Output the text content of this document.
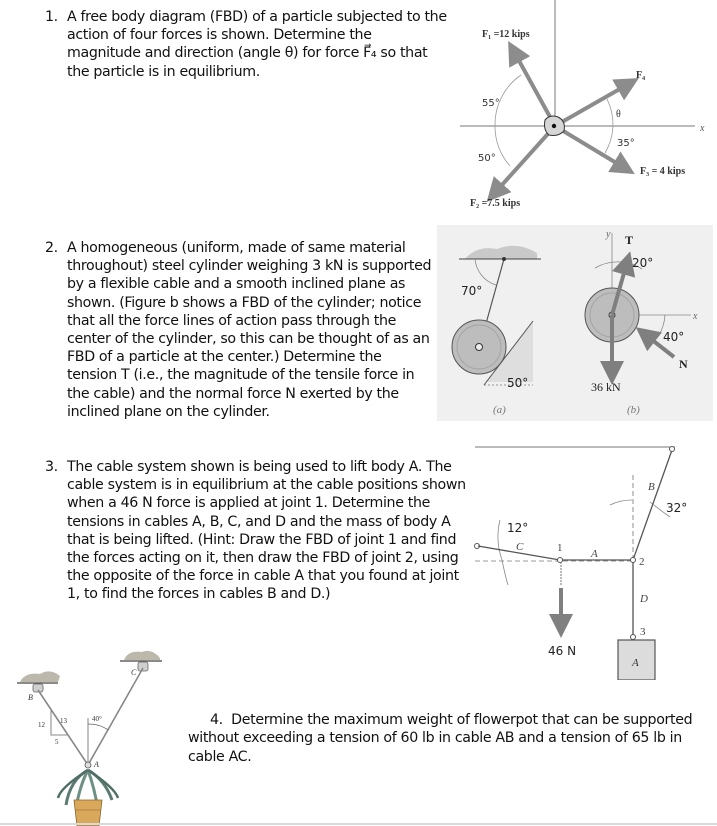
1. A free body diagram (FBD) of a particle subjected to the
action of four forces is shown. Determine the
magnitude and direction (angle θ) for force F⃗₄ so that
the particle is in equilibrium.
x
F₁ =12 kips
55°
F₂ =7.5 kips
50°
F₃ = 4 kips
35°
F₄
θ
2. A homogeneous (uniform, made of same material
throughout) steel cylinder weighing 3 kN is supported
by a flexible cable and a smooth inclined plane as
shown. (Figure b shows a FBD of the cylinder; notice
that all the force lines of action pass through the
center of the cylinder, so this can be thought of as an
FBD of a particle at the center.) Determine the
tension T (i.e., the magnitude of the tensile force in
the cable) and the normal force N exerted by the
inclined plane on the cylinder.
70°
50°
(a)
y
x
T
20°
N
40°
36 kN
(b)
3. The cable system shown is being used to lift body A. The
cable system is in equilibrium at the cable positions shown
when a 46 N force is applied at joint 1. Determine the
tensions in cables A, B, C, and D and the mass of body A
that is being lifted. (Hint: Draw the FBD of joint 1 and find
the forces acting on it, then draw the FBD of joint 2, using
the opposite of the force in cable A that you found at joint
1, to find the forces in cables B and D.)
C
12°
1	A
B
32°
2
D
3
A
46 N
B
C
40°
12 13
5
A
4. Determine the maximum weight of flowerpot that can be supported
without exceeding a tension of 60 lb in cable AB and a tension of 65 lb in
cable AC.
